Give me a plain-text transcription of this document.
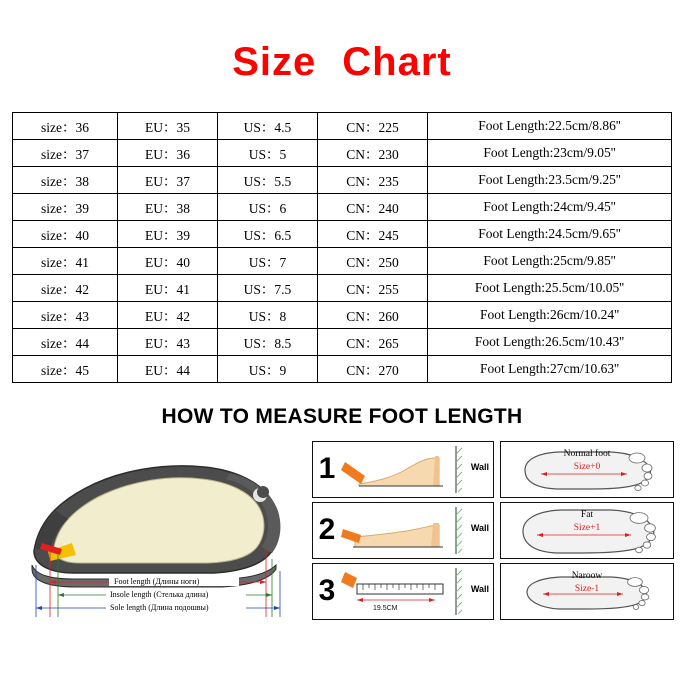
Size Chart
size：36	EU：35	US：4.5	CN：225	Foot Length:22.5cm/8.86''
size：37	EU：36	US：5	CN：230	Foot Length:23cm/9.05''
size：38	EU：37	US：5.5	CN：235	Foot Length:23.5cm/9.25''
size：39	EU：38	US：6	CN：240	Foot Length:24cm/9.45''
size：40	EU：39	US：6.5	CN：245	Foot Length:24.5cm/9.65''
size：41	EU：40	US：7	CN：250	Foot Length:25cm/9.85''
size：42	EU：41	US：7.5	CN：255	Foot Length:25.5cm/10.05''
size：43	EU：42	US：8	CN：260	Foot Length:26cm/10.24''
size：44	EU：43	US：8.5	CN：265	Foot Length:26.5cm/10.43''
size：45	EU：44	US：9	CN：270	Foot Length:27cm/10.63''
HOW TO MEASURE FOOT LENGTH
Foot length (Длины ноги)
Insole length (Стелька длина)
Sole length (Длина подошвы)
1	Wall
2	Wall
3
19.5CM
Wall
Normal foot
Size+0
Fat
Size+1
Naroow
Size-1
